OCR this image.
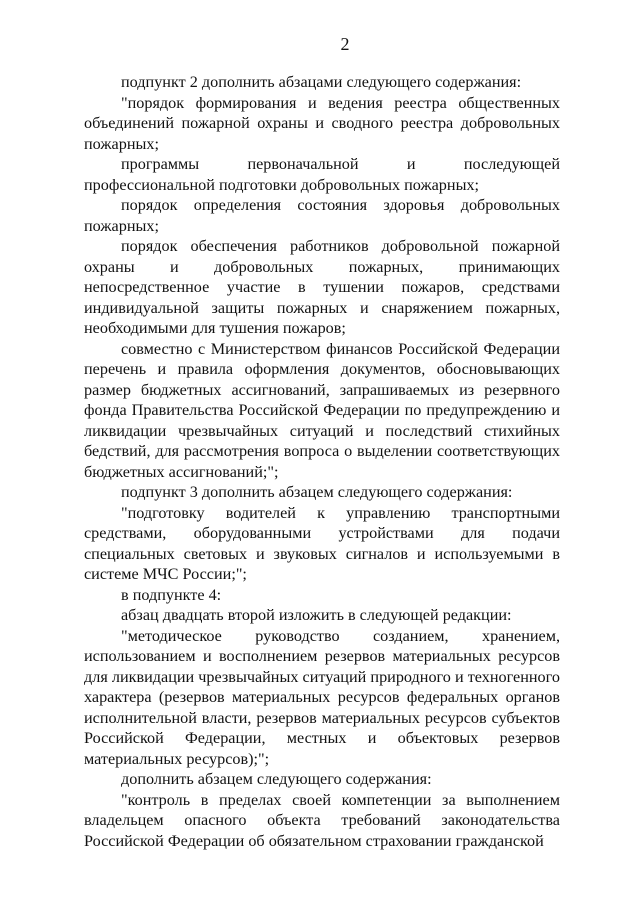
2

подпункт 2 дополнить абзацами следующего содержания:

"порядок формирования и ведения реестра общественных объединений пожарной охраны и сводного реестра добровольных пожарных;

программы первоначальной и последующей профессиональной подготовки добровольных пожарных;

порядок определения состояния здоровья добровольных пожарных;

порядок обеспечения работников добровольной пожарной охраны и добровольных пожарных, принимающих непосредственное участие в тушении пожаров, средствами индивидуальной защиты пожарных и снаряжением пожарных, необходимыми для тушения пожаров;

совместно с Министерством финансов Российской Федерации перечень и правила оформления документов, обосновывающих размер бюджетных ассигнований, запрашиваемых из резервного фонда Правительства Российской Федерации по предупреждению и ликвидации чрезвычайных ситуаций и последствий стихийных бедствий, для рассмотрения вопроса о выделении соответствующих бюджетных ассигнований;";

подпункт 3 дополнить абзацем следующего содержания:

"подготовку водителей к управлению транспортными средствами, оборудованными устройствами для подачи специальных световых и звуковых сигналов и используемыми в системе МЧС России;";

в подпункте 4:

абзац двадцать второй изложить в следующей редакции:

"методическое руководство созданием, хранением, использованием и восполнением резервов материальных ресурсов для ликвидации чрезвычайных ситуаций природного и техногенного характера (резервов материальных ресурсов федеральных органов исполнительной власти, резервов материальных ресурсов субъектов Российской Федерации, местных и объектовых резервов материальных ресурсов);";

дополнить абзацем следующего содержания:

"контроль в пределах своей компетенции за выполнением владельцем опасного объекта требований законодательства Российской Федерации об обязательном страховании гражданской
